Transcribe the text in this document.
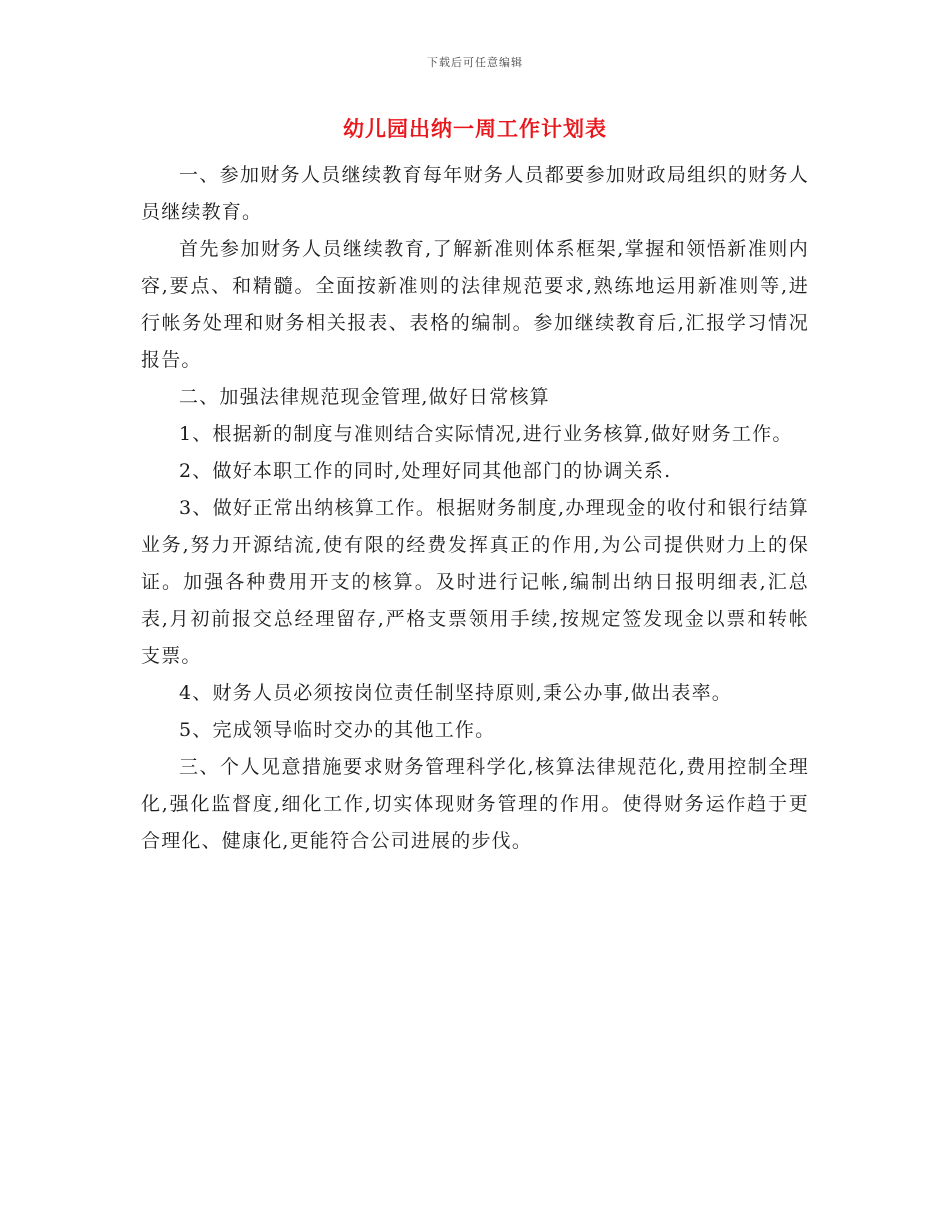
下载后可任意编辑
幼儿园出纳一周工作计划表

一、参加财务人员继续教育每年财务人员都要参加财政局组织的财务人员继续教育。

首先参加财务人员继续教育,了解新准则体系框架,掌握和领悟新准则内容,要点、和精髓。全面按新准则的法律规范要求,熟练地运用新准则等,进行帐务处理和财务相关报表、表格的编制。参加继续教育后,汇报学习情况报告。

二、加强法律规范现金管理,做好日常核算

1、根据新的制度与准则结合实际情况,进行业务核算,做好财务工作。

2、做好本职工作的同时,处理好同其他部门的协调关系.

3、做好正常出纳核算工作。根据财务制度,办理现金的收付和银行结算业务,努力开源结流,使有限的经费发挥真正的作用,为公司提供财力上的保证。加强各种费用开支的核算。及时进行记帐,编制出纳日报明细表,汇总表,月初前报交总经理留存,严格支票领用手续,按规定签发现金以票和转帐支票。

4、财务人员必须按岗位责任制坚持原则,秉公办事,做出表率。

5、完成领导临时交办的其他工作。

三、个人见意措施要求财务管理科学化,核算法律规范化,费用控制全理化,强化监督度,细化工作,切实体现财务管理的作用。使得财务运作趋于更合理化、健康化,更能符合公司进展的步伐。
